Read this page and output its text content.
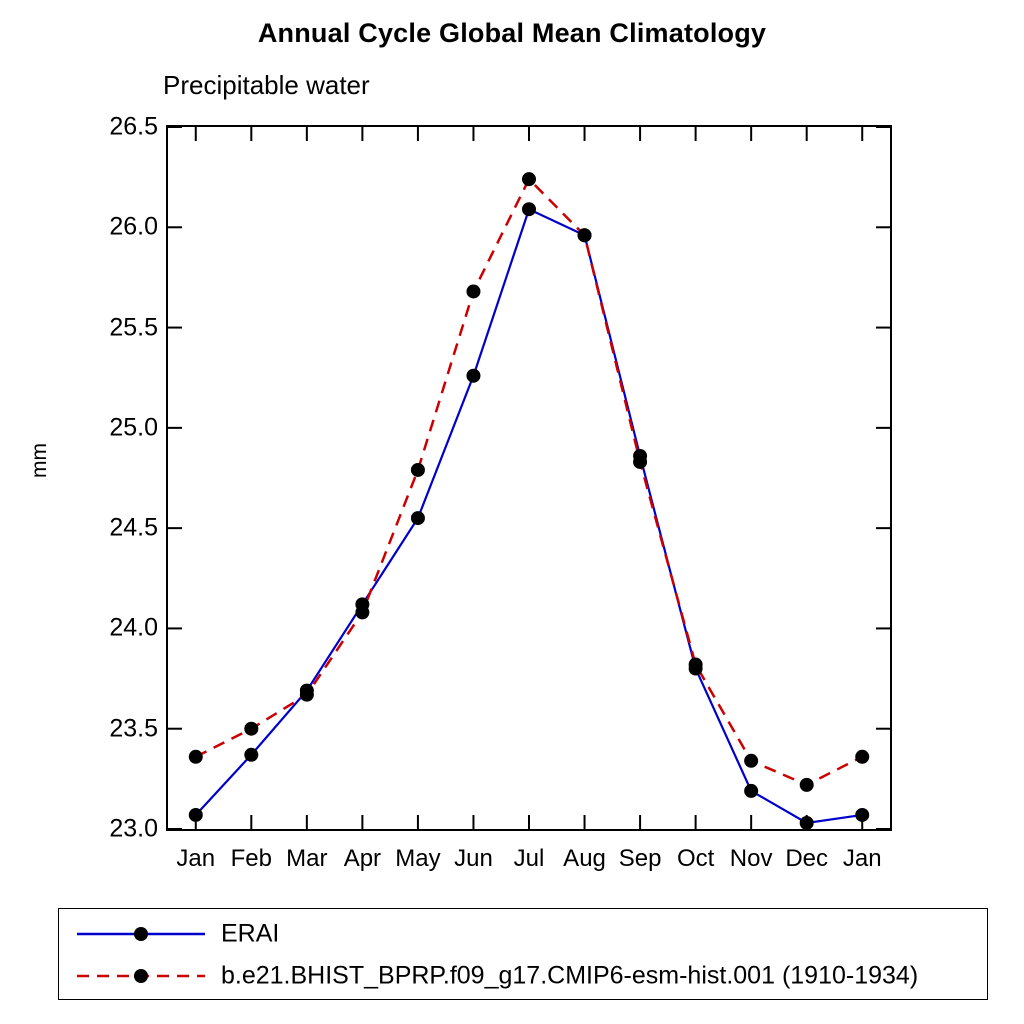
Annual Cycle Global Mean Climatology
Precipitable water
mm
23.0
23.5
24.0
24.5
25.0
25.5
26.0
26.5
Jan Feb Mar Apr May Jun Jul Aug Sep Oct Nov Dec Jan
ERAI
b.e21.BHIST_BPRP.f09_g17.CMIP6-esm-hist.001 (1910-1934)
